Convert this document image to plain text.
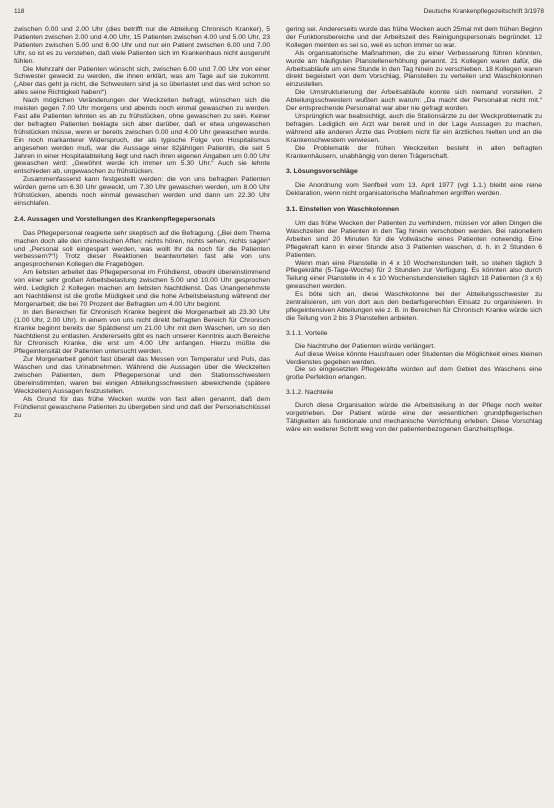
118	Deutsche Krankenpflegezeitschrift 3/1978

zwischen 0.00 und 2.00 Uhr (dies betrifft nur die Abteilung Chronisch Kranker), 5 Patienten zwischen 2.00 und 4.00 Uhr, 15 Patienten zwischen 4.00 und 5.00 Uhr, 23 Patienten zwischen 5.00 und 6.00 Uhr und nur ein Patient zwischen 6.00 und 7.00 Uhr, so ist es zu verstehen, daß viele Patienten sich im Krankenhaus nicht ausgeruht fühlen.

Die Mehrzahl der Patienten wünscht sich, zwischen 6.00 und 7.00 Uhr von einer Schwester geweckt zu werden, die ihnen erklärt, was am Tage auf sie zukommt. („Aber das geht ja nicht, die Schwestern sind ja so überlastet und das wird schon so alles seine Richtigkeit haben!“)

Nach möglichen Veränderungen der Weckzeiten befragt, wünschen sich die meisten gegen 7.00 Uhr morgens und abends noch einmal gewaschen zu werden. Fast alle Patienten lehnten es ab zu frühstücken, ohne gewaschen zu sein. Keiner der befragten Patienten beklagte sich aber darüber, daß er etwa ungewaschen frühstücken müsse, wenn er bereits zwischen 0.00 und 4.00 Uhr gewaschen wurde. Ein noch markanterer Widerspruch, der als typische Folge von Hospitalismus angesehen werden muß, war die Aussage einer 82jährigen Patientin, die seit 5 Jahren in einer Hospitalabteilung liegt und nach ihren eigenen Angaben um 0.00 Uhr gewaschen wird: „Gewöhnt werde ich immer um 5.30 Uhr.“ Auch sie lehnte entschieden ab, ungewaschen zu frühstücken.

Zusammenfassend kann festgestellt werden: die von uns befragten Patienten würden gerne um 6.30 Uhr geweckt, um 7.30 Uhr gewaschen werden, um 8.00 Uhr frühstücken, abends noch einmal gewaschen werden und dann um 22.30 Uhr einschlafen.

2.4. Aussagen und Vorstellungen des Krankenpflegepersonals

Das Pflegepersonal reagierte sehr skeptisch auf die Befragung. („Bei dem Thema machen doch alle den chinesischen Affen: nichts hören, nichts sehen, nichts sagen“ und „Personal soll eingespart werden, was wollt Ihr da noch für die Patienten verbessern?“!) Trotz dieser Reaktionen beantworteten fast alle von uns angesprochenen Kollegen die Fragebögen.

Am liebsten arbeitet das Pflegepersonal im Frühdienst, obwohl übereinstimmend von einer sehr großen Arbeitsbelastung zwischen 5.00 und 10.00 Uhr gesprochen wird. Lediglich 2 Kollegen machen am liebsten Nachtdienst. Das Unangenehmste am Nachtdienst ist die große Müdigkeit und die hohe Arbeitsbelastung während der Morgenarbeit; die bei 70 Prozent der Befragten um 4.00 Uhr beginnt.

In den Bereichen für Chronisch Kranke beginnt die Morgenarbeit ab 23.30 Uhr (1.00 Uhr, 2.00 Uhr). In einem von uns nicht direkt befragten Bereich für Chronisch Kranke beginnt bereits der Spätdienst um 21.00 Uhr mit dem Waschen, um so den Nachtdienst zu entlasten. Andererseits gibt es nach unserer Kenntnis auch Bereiche für Chronisch Kranke, die erst um 4.00 Uhr anfangen. Hierzu müßte die Pflegeintensität der Patienten untersucht werden.

Zur Morgenarbeit gehört fast überall das Messen von Temperatur und Puls, das Waschen und das Urinabnehmen. Während die Aussagen über die Weckzeiten zwischen Patienten, dem Pflegepersonal und den Stationsschwestern übereinstimmten, waren bei einigen Abteilungsschwestern abweichende (spätere Weckzeiten) Aussagen festzustellen.

Als Grund für das frühe Wecken wurde von fast allen genannt, daß dem Frühdienst gewaschene Patienten zu übergeben sind und daß der Personalschlüssel zu

gering sei. Andererseits wurde das frühe Wecken auch 25mal mit dem frühen Beginn der Funktionsbereiche und der Arbeitszeit des Reinigungspersonals begründet. 12 Kollegen meinten es sei so, weil es schon immer so war.

Als organisatorische Maßnahmen, die zu einer Verbesserung führen könnten, wurde am häufigsten Planstellenerhöhung genannt. 21 Kollegen waren dafür, die Arbeitsabläufe um eine Stunde in den Tag hinein zu verschieben. 18 Kollegen waren direkt begeistert von dem Vorschlag, Planstellen zu verteilen und Waschkolonnen einzustellen.

Die Umstrukturierung der Arbeitsabläufe konnte sich niemand vorstellen. 2 Abteilungsschwestern wußten auch warum: „Da macht der Personalrat nicht mit.“ Der entsprechende Personalrat war aber nie gefragt worden.

Ursprünglich war beabsichtigt, auch die Stationsärzte zu der Weckproblematik zu befragen. Lediglich ein Arzt war bereit und in der Lage Aussagen zu machen, während alle anderen Ärzte das Problem nicht für ein ärztliches hielten und an die Krankenschwestern verwiesen.

Die Problematik der frühen Weckzeiten besteht in allen befragten Krankenhäusern, unabhängig von deren Trägerschaft.

3. Lösungsvorschläge

Die Anordnung vom Senfbeil vom 13. April 1977 (vgl 1.1.) bleibt eine reine Deklaration, wenn nicht organisatorische Maßnahmen ergriffen werden.

3.1. Einstellen von Waschkolonnen

Um das frühe Wecken der Patienten zu verhindern, müssen vor allen Dingen die Waschzeiten der Patienten in den Tag hinein verschoben werden. Bei rationellem Arbeiten sind 20 Minuten für die Vollwäsche eines Patienten notwendig. Eine Pflegekraft kann in einer Stunde also 3 Patienten waschen, d. h. in 2 Stunden 6 Patienten.

Wenn man eine Planstelle in 4 x 10 Wochenstunden teilt, so stehen täglich 3 Pflegekräfte (5-Tage-Woche) für 2 Stunden zur Verfügung. Es könnten also durch Teilung einer Planstelle in 4 x 10 Wochenstundenstellen täglich 18 Patienten (3 x 6) gewaschen werden.

Es böte sich an, diese Waschkolonne bei der Abteilungsschwester zu zentralisieren, um von dort aus den bedarfsgerechten Einsatz zu organisieren. In pflegeintensiven Abteilungen wie z. B. in Bereichen für Chronisch Kranke würde sich die Teilung von 2 bis 3 Planstellen anbieten.

3.1.1. Vorteile

Die Nachtruhe der Patienten würde verlängert.

Auf diese Weise könnte Hausfrauen oder Studenten die Möglichkeit eines kleinen Verdienstes gegeben werden.

Die so eingesetzten Pflegekräfte würden auf dem Gebiet des Waschens eine große Perfektion erlangen.

3.1.2. Nachteile

Durch diese Organisation würde die Arbeitsteilung in der Pflege noch weiter vorgetrieben. Der Patient würde eine der wesentlichen grundpflegerischen Tätigkeiten als funktionale und mechanische Verrichtung erleben. Diese Vorschlag wäre ein weiterer Schritt weg von der patientenbezogenen Ganzheitspflege.
